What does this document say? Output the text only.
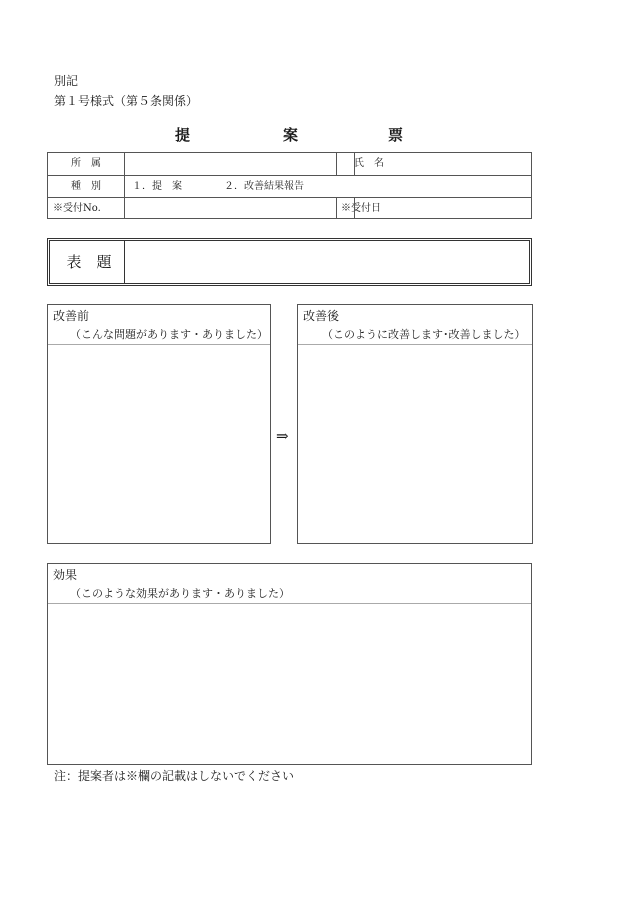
別記
第１号様式（第５条関係）
提	案	票
所　属	氏　名
種　別	１．提　案	２．改善結果報告
※受付No.	※受付日
表　題
改善前
（こんな問題があります・ありました）
⇒
改善後
（このように改善します･改善しました）
効果
（このような効果があります・ありました）
注：提案者は※欄の記載はしないでください
